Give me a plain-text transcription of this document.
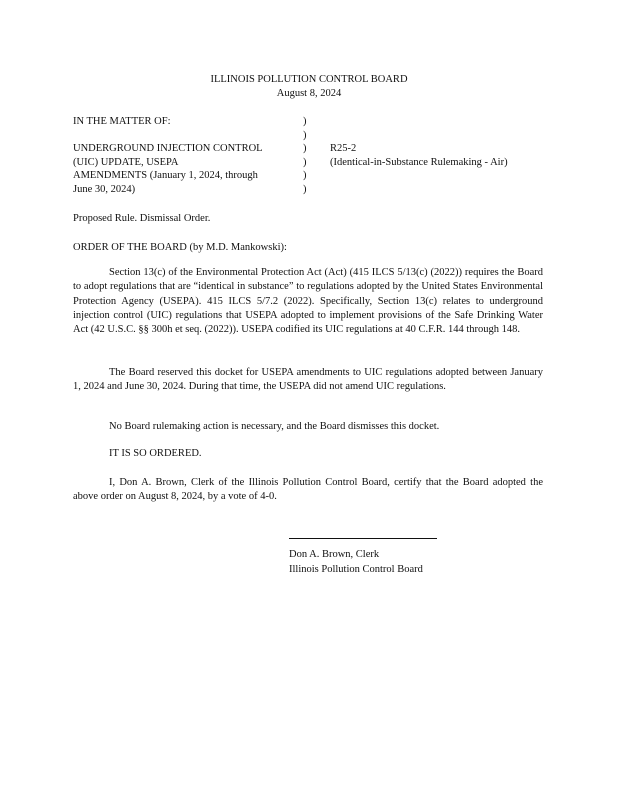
ILLINOIS POLLUTION CONTROL BOARD
August 8, 2024
IN THE MATTER OF:
UNDERGROUND INJECTION CONTROL
(UIC) UPDATE, USEPA
AMENDMENTS (January 1, 2024, through
June 30, 2024)
)
)
)
)
)
)
R25-2
(Identical-in-Substance Rulemaking - Air)
Proposed Rule. Dismissal Order.
ORDER OF THE BOARD (by M.D. Mankowski):
Section 13(c) of the Environmental Protection Act (Act) (415 ILCS 5/13(c) (2022)) requires the Board to adopt regulations that are “identical in substance” to regulations adopted by the United States Environmental Protection Agency (USEPA). 415 ILCS 5/7.2 (2022). Specifically, Section 13(c) relates to underground injection control (UIC) regulations that USEPA adopted to implement provisions of the Safe Drinking Water Act (42 U.S.C. §§ 300h et seq. (2022)). USEPA codified its UIC regulations at 40 C.F.R. 144 through 148.
The Board reserved this docket for USEPA amendments to UIC regulations adopted between January 1, 2024 and June 30, 2024. During that time, the USEPA did not amend UIC regulations.
No Board rulemaking action is necessary, and the Board dismisses this docket.
IT IS SO ORDERED.
I, Don A. Brown, Clerk of the Illinois Pollution Control Board, certify that the Board adopted the above order on August 8, 2024, by a vote of 4-0.
Don A. Brown, Clerk
Illinois Pollution Control Board
